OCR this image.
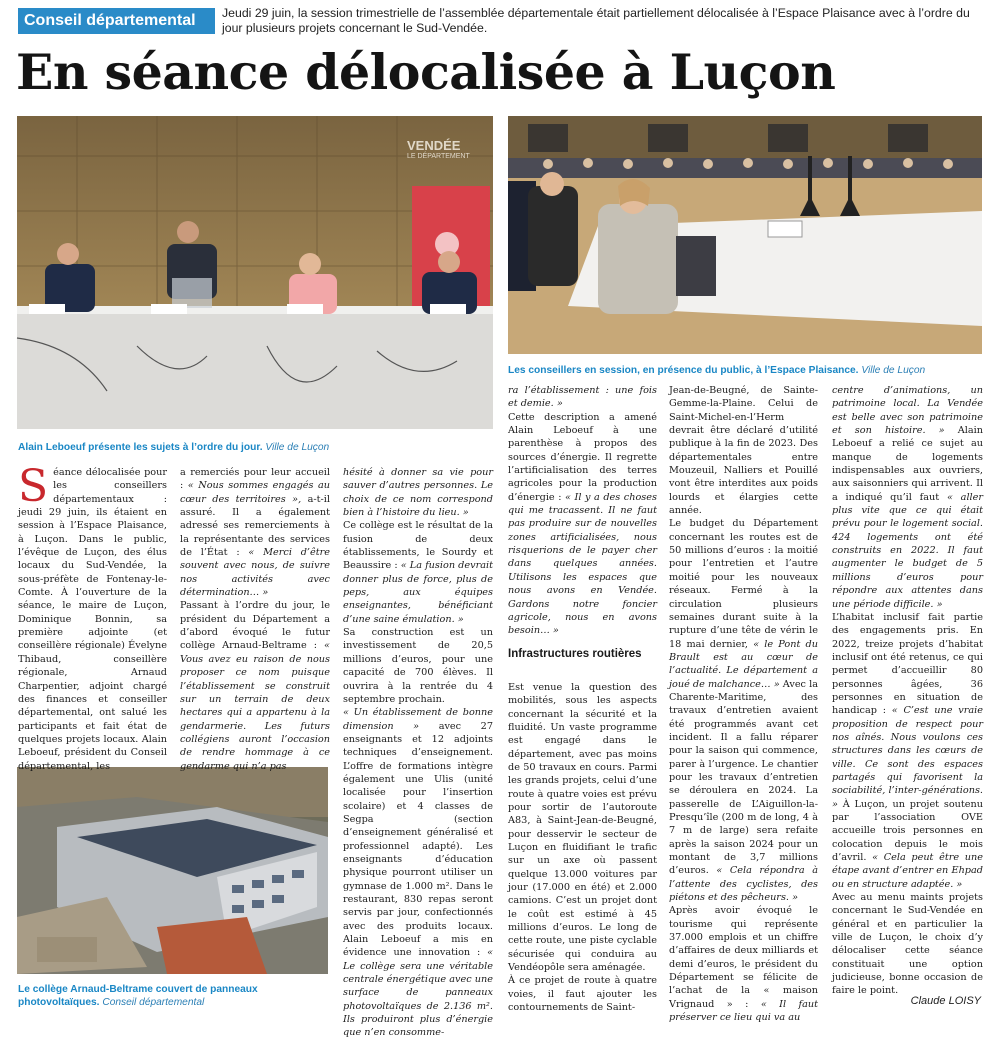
Conseil départemental	Jeudi 29 juin, la session trimestrielle de l’assemblée départementale était partiellement délocalisée à l’Espace Plaisance avec à l’ordre du jour plusieurs projets concernant le Sud-Vendée.
En séance délocalisée à Luçon
VENDÉE
LE DÉPARTEMENT
Alain Leboeuf présente les sujets à l’ordre du jour. Ville de Luçon
Les conseillers en session, en présence du public, à l’Espace Plaisance. Ville de Luçon
Le collège Arnaud-Beltrame couvert de panneaux photovoltaïques. Conseil départemental
Séance délocalisée pour les conseillers départementaux : jeudi 29 juin, ils étaient en session à l’Espace Plaisance, à Luçon. Dans le public, l’évêque de Luçon, des élus locaux du Sud-Vendée, la sous-préfète de Fontenay-le-Comte. À l’ouverture de la séance, le maire de Luçon, Dominique Bonnin, sa première adjointe (et conseillère régionale) Évelyne Thibaud, conseillère régionale, Arnaud Charpentier, adjoint chargé des finances et conseiller départemental, ont salué les participants et fait état de quelques projets locaux. Alain Leboeuf, président du Conseil départemental, les
a remerciés pour leur accueil : « Nous sommes engagés au cœur des territoires », a-t-il assuré. Il a également adressé ses remerciements à la représentante des services de l’État : « Merci d’être souvent avec nous, de suivre nos activités avec détermination… »
Passant à l’ordre du jour, le président du Département a d’abord évoqué le futur collège Arnaud-Beltrame : « Vous avez eu raison de nous proposer ce nom puisque l’établissement se construit sur un terrain de deux hectares qui a appartenu à la gendarmerie. Les futurs collégiens auront l’occasion de rendre hommage à ce gendarme qui n’a pas
hésité à donner sa vie pour sauver d’autres personnes. Le choix de ce nom correspond bien à l’histoire du lieu. »
Ce collège est le résultat de la fusion de deux établissements, le Sourdy et Beaussire : « La fusion devrait donner plus de force, plus de peps, aux équipes enseignantes, bénéficiant d’une saine émulation. »
Sa construction est un investissement de 20,5 millions d’euros, pour une capacité de 700 élèves. Il ouvrira à la rentrée du 4 septembre prochain.
« Un établissement de bonne dimension » avec 27 enseignants et 12 adjoints techniques d’enseignement. L’offre de formations intègre également une Ulis (unité localisée pour l’insertion scolaire) et 4 classes de Segpa (section d’enseignement généralisé et professionnel adapté). Les enseignants d’éducation physique pourront utiliser un gymnase de 1.000 m². Dans le restaurant, 830 repas seront servis par jour, confectionnés avec des produits locaux. Alain Leboeuf a mis en évidence une innovation : « Le collège sera une véritable centrale énergétique avec une surface de panneaux photovoltaïques de 2.136 m². Ils produiront plus d’énergie que n’en consomme-
ra l’établissement : une fois et demie. »
Cette description a amené Alain Leboeuf à une parenthèse à propos des sources d’énergie. Il regrette l’artificialisation des terres agricoles pour la production d’énergie : « Il y a des choses qui me tracassent. Il ne faut pas produire sur de nouvelles zones artificialisées, nous risquerions de le payer cher dans quelques années. Utilisons les espaces que nous avons en Vendée. Gardons notre foncier agricole, nous en avons besoin… »
Infrastructures routières
Est venue la question des mobilités, sous les aspects concernant la sécurité et la fluidité. Un vaste programme est engagé dans le département, avec pas moins de 50 travaux en cours. Parmi les grands projets, celui d’une route à quatre voies est prévu pour sortir de l’autoroute A83, à Saint-Jean-de-Beugné, pour desservir le secteur de Luçon en fluidifiant le trafic sur un axe où passent quelque 13.000 voitures par jour (17.000 en été) et 2.000 camions. C’est un projet dont le coût est estimé à 45 millions d’euros. Le long de cette route, une piste cyclable sécurisée qui conduira au Vendéopôle sera aménagée.
À ce projet de route à quatre voies, il faut ajouter les contournements de Saint-
Jean-de-Beugné, de Sainte-Gemme-la-Plaine. Celui de Saint-Michel-en-l’Herm devrait être déclaré d’utilité publique à la fin de 2023. Des départementales entre Mouzeuil, Nalliers et Pouillé vont être interdites aux poids lourds et élargies cette année.
Le budget du Département concernant les routes est de 50 millions d’euros : la moitié pour l’entretien et l’autre moitié pour les nouveaux réseaux. Fermé à la circulation plusieurs semaines durant suite à la rupture d’une tête de vérin le 18 mai dernier, « le Pont du Brault est au cœur de l’actualité. Le département a joué de malchance… » Avec la Charente-Maritime, des travaux d’entretien avaient été programmés avant cet incident. Il a fallu réparer pour la saison qui commence, parer à l’urgence. Le chantier pour les travaux d’entretien se déroulera en 2024. La passerelle de L’Aiguillon-la-Presqu’île (200 m de long, 4 à 7 m de large) sera refaite après la saison 2024 pour un montant de 3,7 millions d’euros. « Cela répondra à l’attente des cyclistes, des piétons et des pêcheurs. »
Après avoir évoqué le tourisme qui représente 37.000 emplois et un chiffre d’affaires de deux milliards et demi d’euros, le président du Département se félicite de l’achat de la « maison Vrignaud » : « Il faut préserver ce lieu qui va au
centre d’animations, un patrimoine local. La Vendée est belle avec son patrimoine et son histoire. » Alain Leboeuf a relié ce sujet au manque de logements indispensables aux ouvriers, aux saisonniers qui arrivent. Il a indiqué qu’il faut « aller plus vite que ce qui était prévu pour le logement social. 424 logements ont été construits en 2022. Il faut augmenter le budget de 5 millions d’euros pour répondre aux attentes dans une période difficile. »
L’habitat inclusif fait partie des engagements pris. En 2022, treize projets d’habitat inclusif ont été retenus, ce qui permet d’accueillir 80 personnes âgées, 36 personnes en situation de handicap : « C’est une vraie proposition de respect pour nos aînés. Nous voulons ces structures dans les cœurs de ville. Ce sont des espaces partagés qui favorisent la sociabilité, l’inter-générations. » À Luçon, un projet soutenu par l’association OVE accueille trois personnes en colocation depuis le mois d’avril. « Cela peut être une étape avant d’entrer en Ehpad ou en structure adaptée. »
Avec au menu maints projets concernant le Sud-Vendée en général et en particulier la ville de Luçon, le choix d’y délocaliser cette séance constituait une option judicieuse, bonne occasion de faire le point.
Claude LOISY
